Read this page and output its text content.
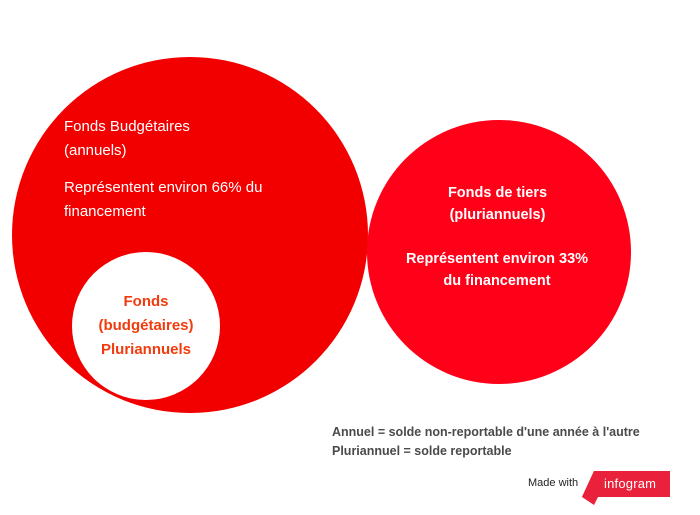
Fonds Budgétaires
(annuels)
Représentent environ 66% du
financement
Fonds
(budgétaires)
Pluriannuels
Fonds de tiers
(pluriannuels)
Représentent environ 33%
du financement
Annuel = solde non-reportable d'une année à l'autre
Pluriannuel = solde reportable
Made with infogram
